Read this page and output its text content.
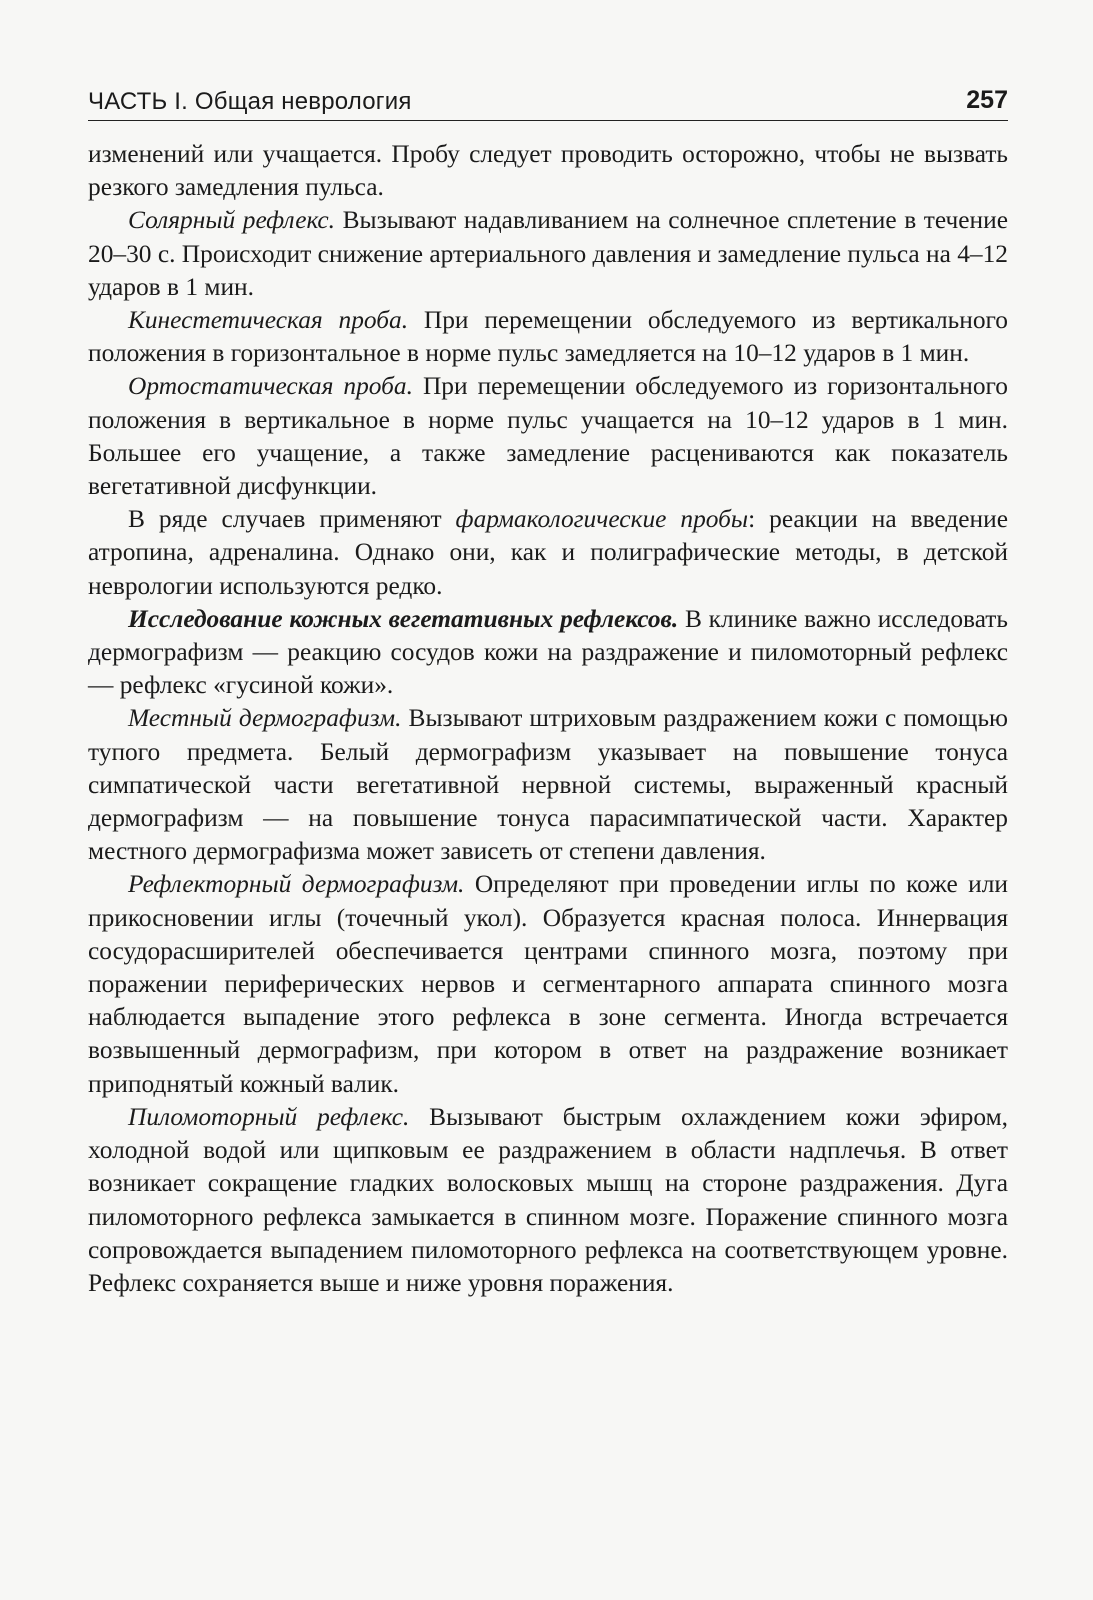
ЧАСТЬ I. Общая неврология	257

изменений или учащается. Пробу следует проводить осторожно, чтобы не вызвать резкого замедления пульса.

Солярный рефлекс. Вызывают надавливанием на солнечное сплетение в течение 20–30 с. Происходит снижение артериального давления и замедление пульса на 4–12 ударов в 1 мин.

Кинестетическая проба. При перемещении обследуемого из вертикального положения в горизонтальное в норме пульс замедляется на 10–12 ударов в 1 мин.

Ортостатическая проба. При перемещении обследуемого из горизонтального положения в вертикальное в норме пульс учащается на 10–12 ударов в 1 мин. Большее его учащение, а также замедление расцениваются как показатель вегетативной дисфункции.

В ряде случаев применяют фармакологические пробы: реакции на введение атропина, адреналина. Однако они, как и полиграфические методы, в детской неврологии используются редко.

Исследование кожных вегетативных рефлексов. В клинике важно исследовать дермографизм — реакцию сосудов кожи на раздражение и пиломоторный рефлекс — рефлекс «гусиной кожи».

Местный дермографизм. Вызывают штриховым раздражением кожи с помощью тупого предмета. Белый дермографизм указывает на повышение тонуса симпатической части вегетативной нервной системы, выраженный красный дермографизм — на повышение тонуса парасимпатической части. Характер местного дермографизма может зависеть от степени давления.

Рефлекторный дермографизм. Определяют при проведении иглы по коже или прикосновении иглы (точечный укол). Образуется красная полоса. Иннервация сосудорасширителей обеспечивается центрами спинного мозга, поэтому при поражении периферических нервов и сегментарного аппарата спинного мозга наблюдается выпадение этого рефлекса в зоне сегмента. Иногда встречается возвышенный дермографизм, при котором в ответ на раздражение возникает приподнятый кожный валик.

Пиломоторный рефлекс. Вызывают быстрым охлаждением кожи эфиром, холодной водой или щипковым ее раздражением в области надплечья. В ответ возникает сокращение гладких волосковых мышц на стороне раздражения. Дуга пиломоторного рефлекса замыкается в спинном мозге. Поражение спинного мозга сопровождается выпадением пиломоторного рефлекса на соответствующем уровне. Рефлекс сохраняется выше и ниже уровня поражения.
